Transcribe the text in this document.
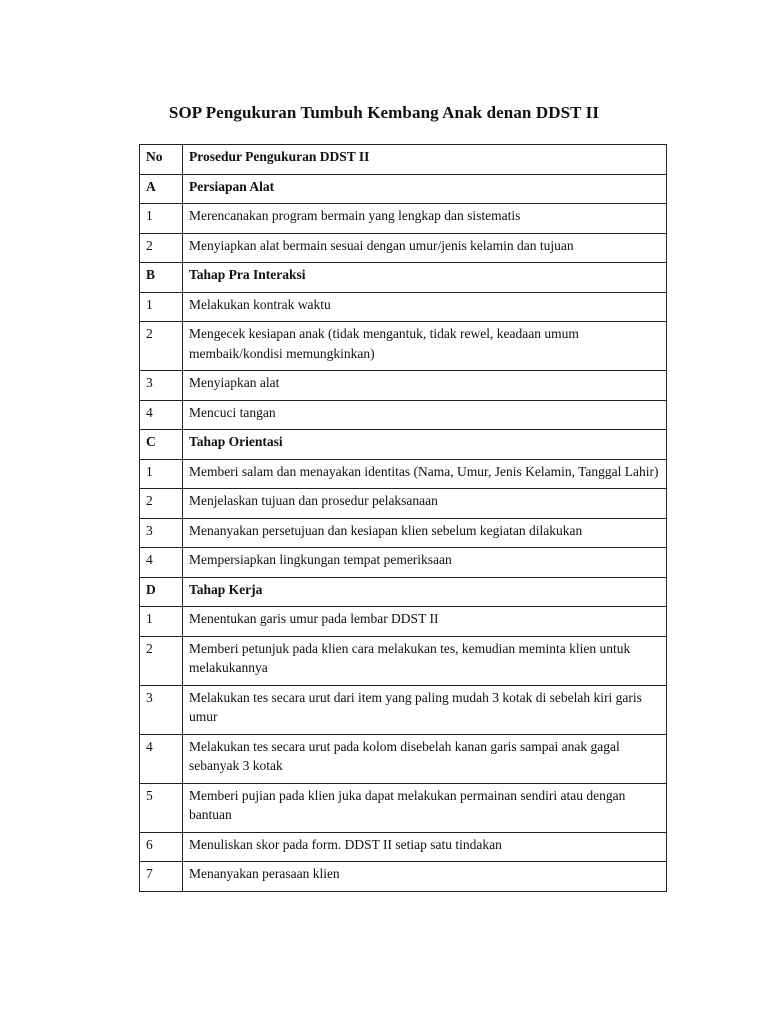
SOP Pengukuran Tumbuh Kembang Anak denan DDST II
No	Prosedur Pengukuran DDST II
A	Persiapan Alat
1	Merencanakan program bermain yang lengkap dan sistematis
2	Menyiapkan alat bermain sesuai dengan umur/jenis kelamin dan tujuan
B	Tahap Pra Interaksi
1	Melakukan kontrak waktu
2	Mengecek kesiapan anak (tidak mengantuk, tidak rewel, keadaan umum membaik/kondisi memungkinkan)
3	Menyiapkan alat
4	Mencuci tangan
C	Tahap Orientasi
1	Memberi salam dan menayakan identitas (Nama, Umur, Jenis Kelamin, Tanggal Lahir)
2	Menjelaskan tujuan dan prosedur pelaksanaan
3	Menanyakan persetujuan dan kesiapan klien sebelum kegiatan dilakukan
4	Mempersiapkan lingkungan tempat pemeriksaan
D	Tahap Kerja
1	Menentukan garis umur pada lembar DDST II
2	Memberi petunjuk pada klien cara melakukan tes, kemudian meminta klien untuk melakukannya
3	Melakukan tes secara urut dari item yang paling mudah 3 kotak di sebelah kiri garis umur
4	Melakukan tes secara urut pada kolom disebelah kanan garis sampai anak gagal sebanyak 3 kotak
5	Memberi pujian pada klien juka dapat melakukan permainan sendiri atau dengan bantuan
6	Menuliskan skor pada form. DDST II setiap satu tindakan
7	Menanyakan perasaan klien
